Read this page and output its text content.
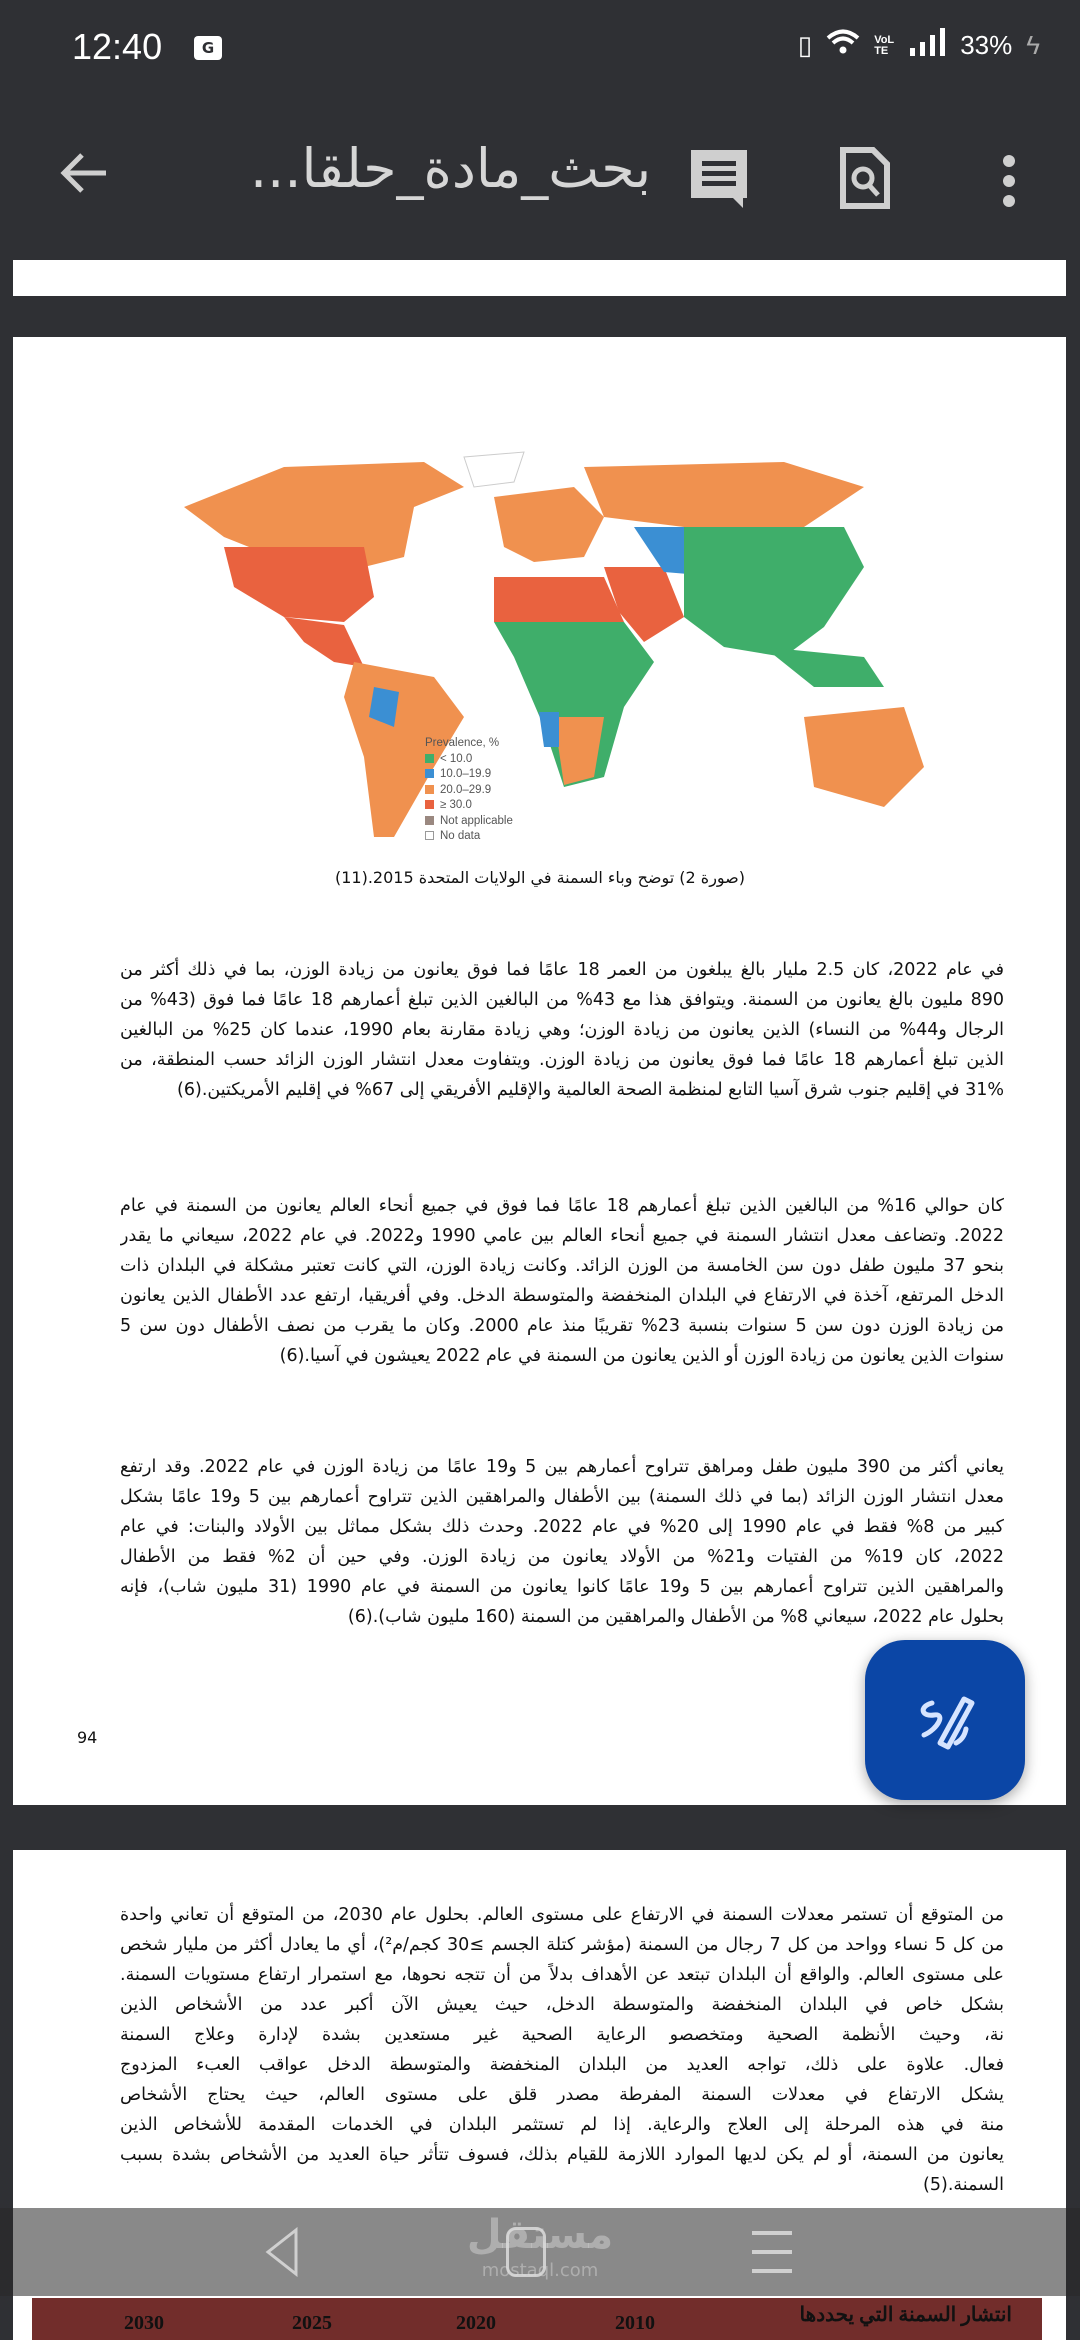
12:40	G	▯	VoLTE	33% ϟ
بحث_مادة_حلقا...
Prevalence, %
< 10.0
10.0–19.9
20.0–29.9
≥ 30.0
Not applicable
No data
(صورة 2) توضح وباء السمنة في الولايات المتحدة 2015.(11)
في عام 2022، كان 2.5 مليار بالغ يبلغون من العمر 18 عامًا فما فوق يعانون من زيادة الوزن، بما في ذلك أكثر من
890 مليون بالغ يعانون من السمنة. ويتوافق هذا مع 43% من البالغين الذين تبلغ أعمارهم 18 عامًا فما فوق (43% من
الرجال و44% من النساء) الذين يعانون من زيادة الوزن؛ وهي زيادة مقارنة بعام 1990، عندما كان 25% من البالغين
الذين تبلغ أعمارهم 18 عامًا فما فوق يعانون من زيادة الوزن. ويتفاوت معدل انتشار الوزن الزائد حسب المنطقة، من
31% في إقليم جنوب شرق آسيا التابع لمنظمة الصحة العالمية والإقليم الأفريقي إلى 67% في إقليم الأمريكتين.(6)
كان حوالي 16% من البالغين الذين تبلغ أعمارهم 18 عامًا فما فوق في جميع أنحاء العالم يعانون من السمنة في عام
2022. وتضاعف معدل انتشار السمنة في جميع أنحاء العالم بين عامي 1990 و2022. في عام 2022، سيعاني ما يقدر
بنحو 37 مليون طفل دون سن الخامسة من الوزن الزائد. وكانت زيادة الوزن، التي كانت تعتبر مشكلة في البلدان ذات
الدخل المرتفع، آخذة في الارتفاع في البلدان المنخفضة والمتوسطة الدخل. وفي أفريقيا، ارتفع عدد الأطفال الذين يعانون
من زيادة الوزن دون سن 5 سنوات بنسبة 23% تقريبًا منذ عام 2000. وكان ما يقرب من نصف الأطفال دون سن 5
سنوات الذين يعانون من زيادة الوزن أو الذين يعانون من السمنة في عام 2022 يعيشون في آسيا.(6)
يعاني أكثر من 390 مليون طفل ومراهق تتراوح أعمارهم بين 5 و19 عامًا من زيادة الوزن في عام 2022. وقد ارتفع
معدل انتشار الوزن الزائد (بما في ذلك السمنة) بين الأطفال والمراهقين الذين تتراوح أعمارهم بين 5 و19 عامًا بشكل
كبير من 8% فقط في عام 1990 إلى 20% في عام 2022. وحدث ذلك بشكل مماثل بين الأولاد والبنات: في عام
2022، كان 19% من الفتيات و21% من الأولاد يعانون من زيادة الوزن. وفي حين أن 2% فقط من الأطفال
والمراهقين الذين تتراوح أعمارهم بين 5 و19 عامًا كانوا يعانون من السمنة في عام 1990 (31 مليون شاب)، فإنه
بحلول عام 2022، سيعاني 8% من الأطفال والمراهقين من السمنة (160 مليون شاب).(6)
94
من المتوقع أن تستمر معدلات السمنة في الارتفاع على مستوى العالم. بحلول عام 2030، من المتوقع أن تعاني واحدة
من كل 5 نساء وواحد من كل 7 رجال من السمنة (مؤشر كتلة الجسم ≥30 كجم/م²)، أي ما يعادل أكثر من مليار شخص
على مستوى العالم. والواقع أن البلدان تبتعد عن الأهداف بدلاً من أن تتجه نحوها، مع استمرار ارتفاع مستويات السمنة.
بشكل خاص في البلدان المنخفضة والمتوسطة الدخل، حيث يعيش الآن أكبر عدد من الأشخاص الذين
نة، وحيث الأنظمة الصحية ومتخصصو الرعاية الصحية غير مستعدين بشدة لإدارة وعلاج السمنة
فعال. علاوة على ذلك، تواجه العديد من البلدان المنخفضة والمتوسطة الدخل عواقب العبء المزدوج
يشكل الارتفاع في معدلات السمنة المفرطة مصدر قلق على مستوى العالم، حيث يحتاج الأشخاص
منة في هذه المرحلة إلى العلاج والرعاية. إذا لم تستثمر البلدان في الخدمات المقدمة للأشخاص الذين
يعانون من السمنة، أو لم يكن لديها الموارد اللازمة للقيام بذلك، فسوف تتأثر حياة العديد من الأشخاص بشدة بسبب
السمنة.(5)
انتشار السمنة التي يحددها
2030	2025	2020	2010
مستقل
mostaql.com
